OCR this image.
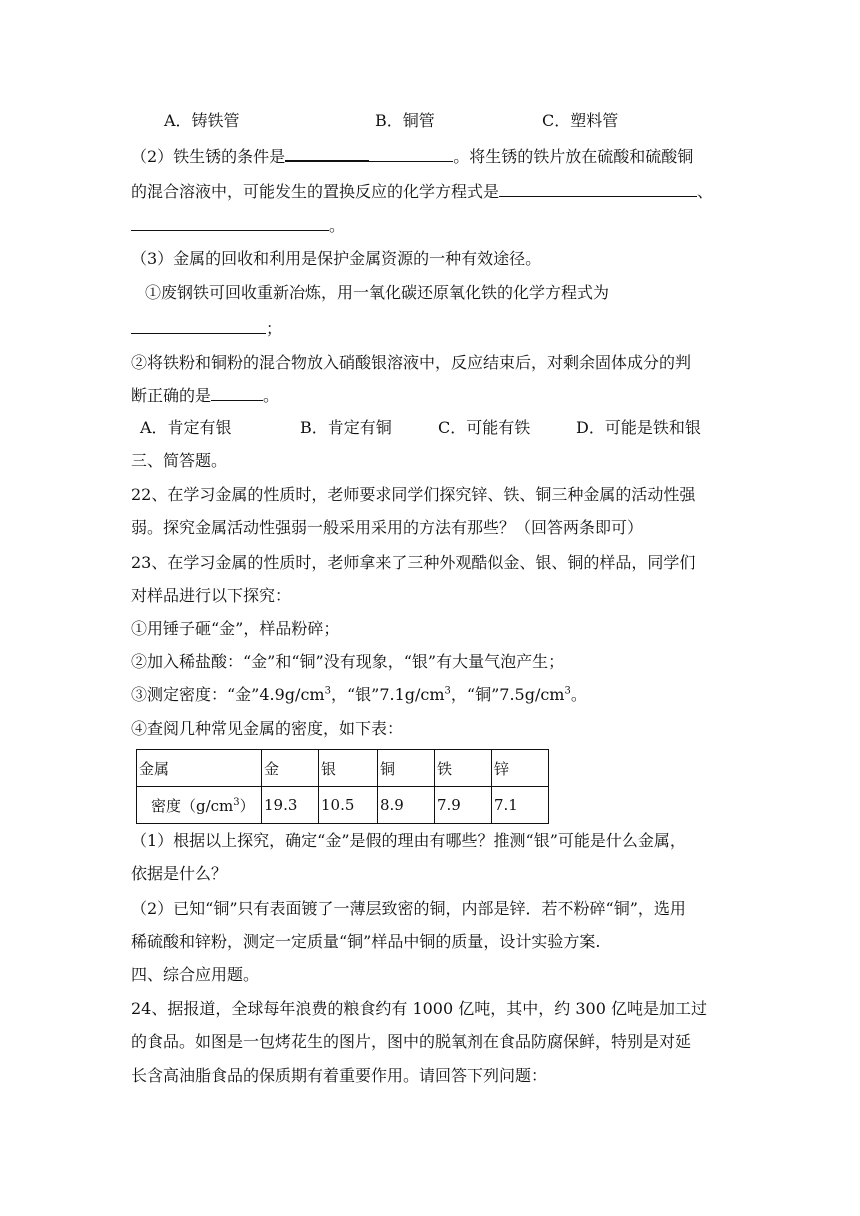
A．铸铁管	B．铜管	C．塑料管
（2）铁生锈的条件是	。将生锈的铁片放在硫酸和硫酸铜
的混合溶液中，可能发生的置换反应的化学方程式是	、
。
（3）金属的回收和利用是保护金属资源的一种有效途径。
①废钢铁可回收重新冶炼，用一氧化碳还原氧化铁的化学方程式为
；
②将铁粉和铜粉的混合物放入硝酸银溶液中，反应结束后，对剩余固体成分的判
断正确的是	。
A．肯定有银	B．肯定有铜	C．可能有铁	D．可能是铁和银
三、简答题。
22、在学习金属的性质时，老师要求同学们探究锌、铁、铜三种金属的活动性强
弱。探究金属活动性强弱一般采用采用的方法有那些？（回答两条即可）
23、在学习金属的性质时，老师拿来了三种外观酷似金、银、铜的样品，同学们
对样品进行以下探究：
①用锤子砸“金”，样品粉碎；
②加入稀盐酸：“金”和“铜”没有现象，“银”有大量气泡产生；
③测定密度：“金$”4.9g/cm^3$，“银$”7.1g/cm^3$，“铜$”7.5g/cm^3$。
④查阅几种常见金属的密度，如下表：
金属	金	银	铜	铁	锌
密度$(g/cm^3)$	19.3	10.5	8.9	7.9	7.1
（1）根据以上探究，确定“金”是假的理由有哪些？推测“银”可能是什么金属，
依据是什么？
（2）已知“铜”只有表面镀了一薄层致密的铜，内部是锌．若不粉碎“铜”，选用
稀硫酸和锌粉，测定一定质量“铜”样品中铜的质量，设计实验方案.
四、综合应用题。
24、据报道，全球每年浪费的粮食约有 1000 亿吨，其中，约 300 亿吨是加工过
的食品。如图是一包烤花生的图片，图中的脱氧剂在食品防腐保鲜，特别是对延
长含高油脂食品的保质期有着重要作用。请回答下列问题：
